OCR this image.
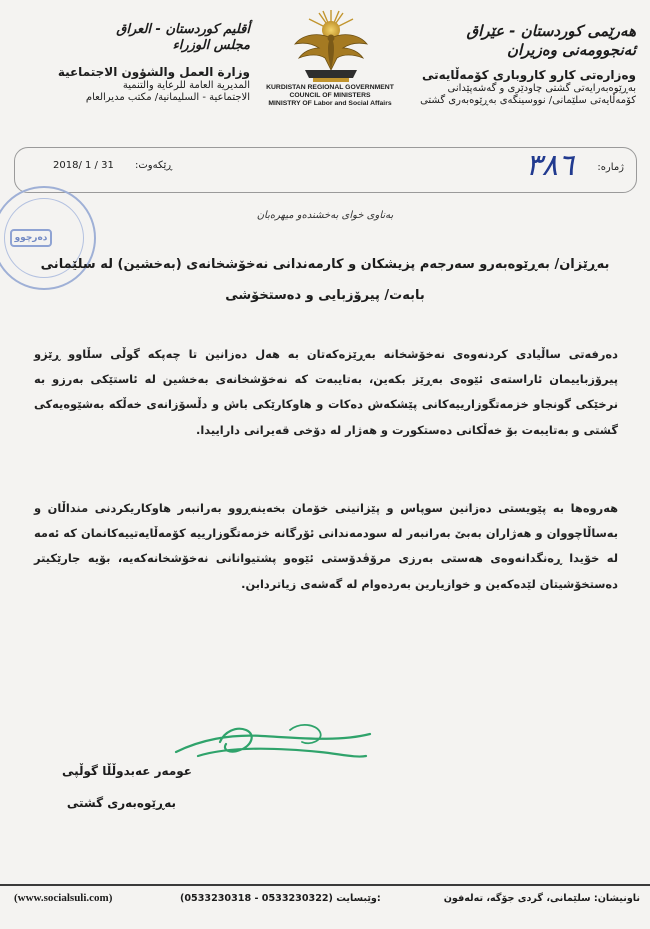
هەرێمی کوردستان - عێراق
ئەنجوومەنی وەزیران
وەزارەتی کارو کاروباری کۆمەڵایەتی
بەڕێوەبەرایەتی گشتی چاودێری و گەشەپێدانی
کۆمەڵایەتی سلێمانی/ نووسینگەی بەڕێوەبەری گشتی
KURDISTAN REGIONAL GOVERNMENT
COUNCIL OF MINISTERS
MINISTRY OF Labor and Social Affairs
أقليم كوردستان - العراق
مجلس الوزراء
وزارة العمل والشؤون الاجتماعية
المديرية العامة للرعاية والتنمية
الاجتماعية - السليمانية/ مكتب مديرالعام
ژمارە:
٣٨٦
ڕێکەوت:
2018/ 1 / 31
دەرچوو
بەناوی خوای بەخشندەو میهرەبان
بەڕێزان/ بەڕێوەبەرو سەرجەم پزیشکان و کارمەندانی نەخۆشخانەی (بەخشین) لە سلێمانی
بابەت/ پیرۆزبایی و دەستخۆشی
دەرفەتی ساڵیادی کردنەوەی نەخۆشخانە بەڕێزەکەتان بە هەل دەزانین تا چەپکە گوڵی سڵاوو ڕێزو پیرۆزباییمان ئاراستەی ئێوەی بەڕێز بکەین، بەتایبەت کە نەخۆشخانەی بەخشین لە ئاستێکی بەرزو بە نرخێکی گونجاو خزمەتگوزارییەکانی پێشکەش دەکات و هاوکارێکی باش و دڵسۆزانەی خەڵکە بەشێوەیەکی گشتی و بەتایبەت بۆ خەڵکانی دەستکورت و هەژار لە دۆخی قەیرانی داراییدا.
هەروەها بە پێویستی دەزانین سوپاس و پێزانینی خۆمان بخەینەڕوو بەرانبەر هاوکاریکردنی منداڵان و بەساڵاچووان و هەژاران بەبێ بەرانبەر لە سودمەندانی ئۆرگانە خزمەتگوزارییە کۆمەڵایەتییەکانمان کە ئەمە لە خۆیدا ڕەنگدانەوەی هەستی بەرزی مرۆڤدۆستی ئێوەو پشتیوانانی نەخۆشخانەکەیە، بۆیە جارێکیتر دەستخۆشیتان لێدەکەین و خوازیارین بەردەوام لە گەشەی زیاتردابن.
عومەر عەبدوڵڵا گوڵپی
بەڕێوەبەری گشتی
ناونیشان: سلێمانی، گردی جۆگە، تەلەفون
(0533230318 - 0533230322) وێبسایت:
(www.socialsuli.com)
